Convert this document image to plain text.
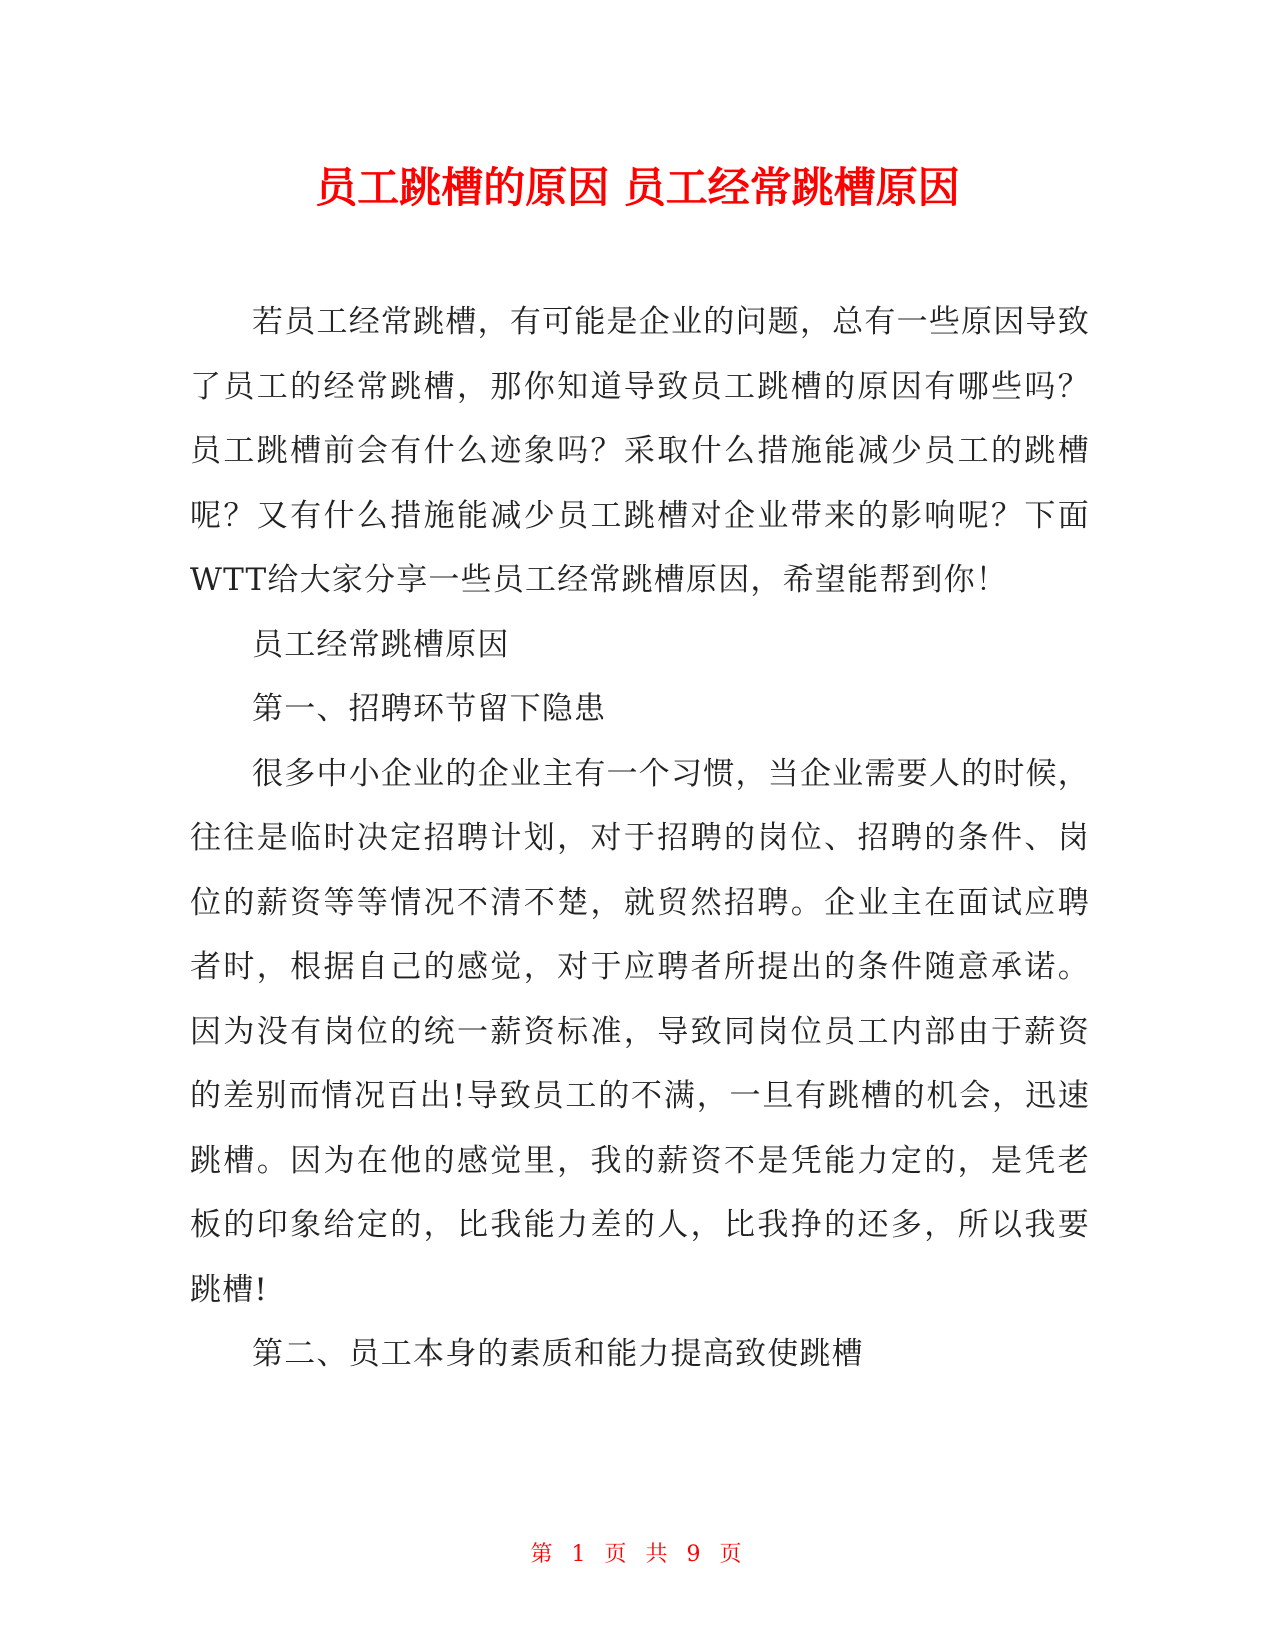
员工跳槽的原因 员工经常跳槽原因

若员工经常跳槽，有可能是企业的问题，总有一些原因导致了员工的经常跳槽，那你知道导致员工跳槽的原因有哪些吗？员工跳槽前会有什么迹象吗？采取什么措施能减少员工的跳槽呢？又有什么措施能减少员工跳槽对企业带来的影响呢？下面WTT给大家分享一些员工经常跳槽原因，希望能帮到你！

员工经常跳槽原因

第一、招聘环节留下隐患

很多中小企业的企业主有一个习惯，当企业需要人的时候，往往是临时决定招聘计划，对于招聘的岗位、招聘的条件、岗位的薪资等等情况不清不楚，就贸然招聘。企业主在面试应聘者时，根据自己的感觉，对于应聘者所提出的条件随意承诺。因为没有岗位的统一薪资标准，导致同岗位员工内部由于薪资的差别而情况百出!导致员工的不满，一旦有跳槽的机会，迅速跳槽。因为在他的感觉里，我的薪资不是凭能力定的，是凭老板的印象给定的，比我能力差的人，比我挣的还多，所以我要跳槽!

第二、员工本身的素质和能力提高致使跳槽

第 1 页 共 9 页
